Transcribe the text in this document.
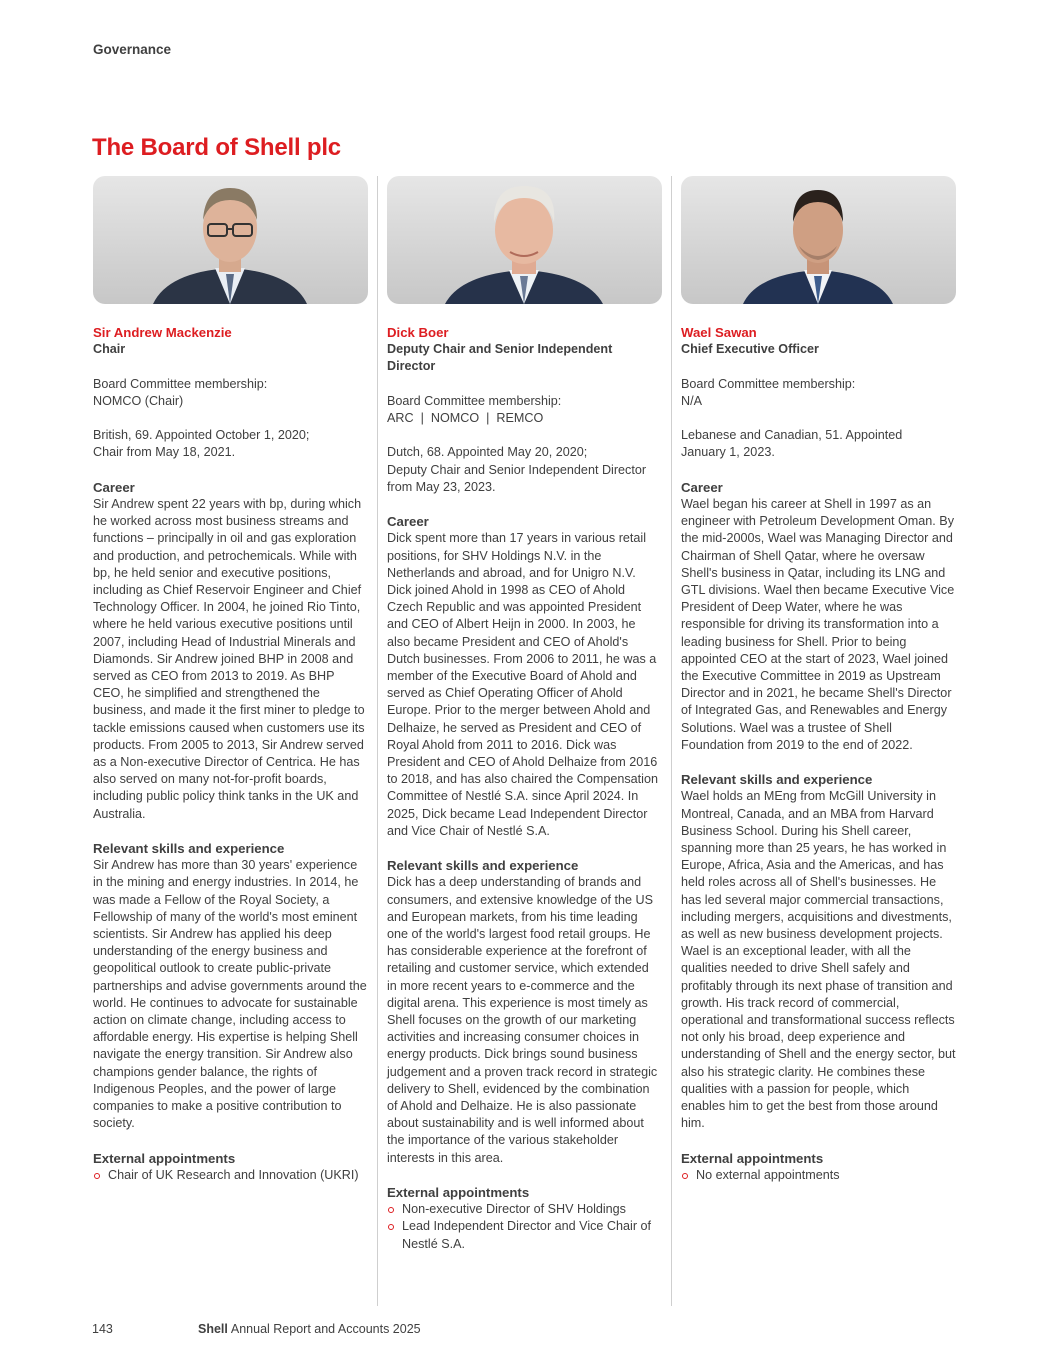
Governance
The Board of Shell plc
Sir Andrew Mackenzie
Chair

Board Committee membership:

NOMCO (Chair)

British, 69. Appointed October 1, 2020;

Chair from May 18, 2021.

Career

Sir Andrew spent 22 years with bp, during which he worked across most business streams and functions – principally in oil and gas exploration and production, and petrochemicals. While with bp, he held senior and executive positions, including as Chief Reservoir Engineer and Chief Technology Officer. In 2004, he joined Rio Tinto, where he held various executive positions until 2007, including Head of Industrial Minerals and Diamonds. Sir Andrew joined BHP in 2008 and served as CEO from 2013 to 2019. As BHP CEO, he simplified and strengthened the business, and made it the first miner to pledge to tackle emissions caused when customers use its products. From 2005 to 2013, Sir Andrew served as a Non-executive Director of Centrica. He has also served on many not-for-profit boards, including public policy think tanks in the UK and Australia.

Relevant skills and experience

Sir Andrew has more than 30 years' experience in the mining and energy industries. In 2014, he was made a Fellow of the Royal Society, a Fellowship of many of the world's most eminent scientists. Sir Andrew has applied his deep understanding of the energy business and geopolitical outlook to create public-private partnerships and advise governments around the world. He continues to advocate for sustainable action on climate change, including access to affordable energy. His expertise is helping Shell navigate the energy transition. Sir Andrew also champions gender balance, the rights of Indigenous Peoples, and the power of large companies to make a positive contribution to society.

External appointments
Chair of UK Research and Innovation (UKRI)
Dick Boer
Deputy Chair and Senior Independent Director

Board Committee membership:

ARC  |  NOMCO  |  REMCO

Dutch, 68. Appointed May 20, 2020;

Deputy Chair and Senior Independent Director from May 23, 2023.

Career

Dick spent more than 17 years in various retail positions, for SHV Holdings N.V. in the Netherlands and abroad, and for Unigro N.V. Dick joined Ahold in 1998 as CEO of Ahold Czech Republic and was appointed President and CEO of Albert Heijn in 2000. In 2003, he also became President and CEO of Ahold's Dutch businesses. From 2006 to 2011, he was a member of the Executive Board of Ahold and served as Chief Operating Officer of Ahold Europe. Prior to the merger between Ahold and Delhaize, he served as President and CEO of Royal Ahold from 2011 to 2016. Dick was President and CEO of Ahold Delhaize from 2016 to 2018, and has also chaired the Compensation Committee of Nestlé S.A. since April 2024. In 2025, Dick became Lead Independent Director and Vice Chair of Nestlé S.A.

Relevant skills and experience

Dick has a deep understanding of brands and consumers, and extensive knowledge of the US and European markets, from his time leading one of the world's largest food retail groups. He has considerable experience at the forefront of retailing and customer service, which extended in more recent years to e-commerce and the digital arena. This experience is most timely as Shell focuses on the growth of our marketing activities and increasing consumer choices in energy products. Dick brings sound business judgement and a proven track record in strategic delivery to Shell, evidenced by the combination of Ahold and Delhaize. He is also passionate about sustainability and is well informed about the importance of the various stakeholder interests in this area.

External appointments
Non-executive Director of SHV Holdings
Lead Independent Director and Vice Chair of Nestlé S.A.
Wael Sawan
Chief Executive Officer

Board Committee membership:

N/A

Lebanese and Canadian, 51. Appointed

January 1, 2023.

Career

Wael began his career at Shell in 1997 as an engineer with Petroleum Development Oman. By the mid-2000s, Wael was Managing Director and Chairman of Shell Qatar, where he oversaw Shell's business in Qatar, including its LNG and GTL divisions. Wael then became Executive Vice President of Deep Water, where he was responsible for driving its transformation into a leading business for Shell. Prior to being appointed CEO at the start of 2023, Wael joined the Executive Committee in 2019 as Upstream Director and in 2021, he became Shell's Director of Integrated Gas, and Renewables and Energy Solutions. Wael was a trustee of Shell Foundation from 2019 to the end of 2022.

Relevant skills and experience

Wael holds an MEng from McGill University in Montreal, Canada, and an MBA from Harvard Business School. During his Shell career, spanning more than 25 years, he has worked in Europe, Africa, Asia and the Americas, and has held roles across all of Shell's businesses. He has led several major commercial transactions, including mergers, acquisitions and divestments, as well as new business development projects. Wael is an exceptional leader, with all the qualities needed to drive Shell safely and profitably through its next phase of transition and growth. His track record of commercial, operational and transformational success reflects not only his broad, deep experience and understanding of Shell and the energy sector, but also his strategic clarity. He combines these qualities with a passion for people, which enables him to get the best from those around him.

External appointments
No external appointments
143	Shell Annual Report and Accounts 2025
